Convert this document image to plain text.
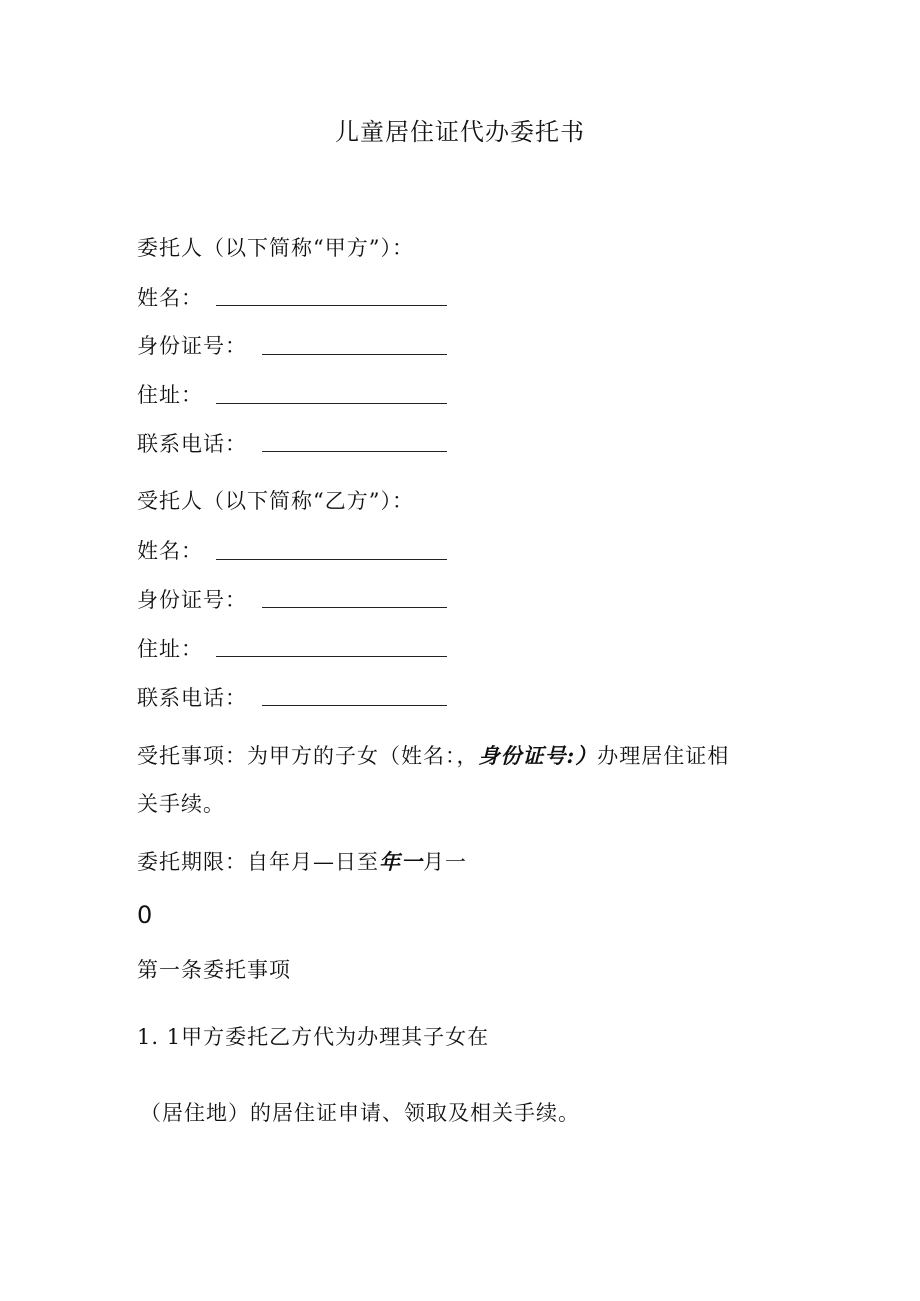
儿童居住证代办委托书
委托人（以下简称“甲方”）：
姓名：
身份证号：
住址：
联系电话：
受托人（以下简称“乙方”）：
姓名：
身份证号：
住址：
联系电话：
受托事项：为甲方的子女（姓名：，身份证号:）办理居住证相
关手续。
委托期限：自年月—日至年一月一
0
第一条委托事项
1. 1甲方委托乙方代为办理其子女在
（居住地）的居住证申请、领取及相关手续。
